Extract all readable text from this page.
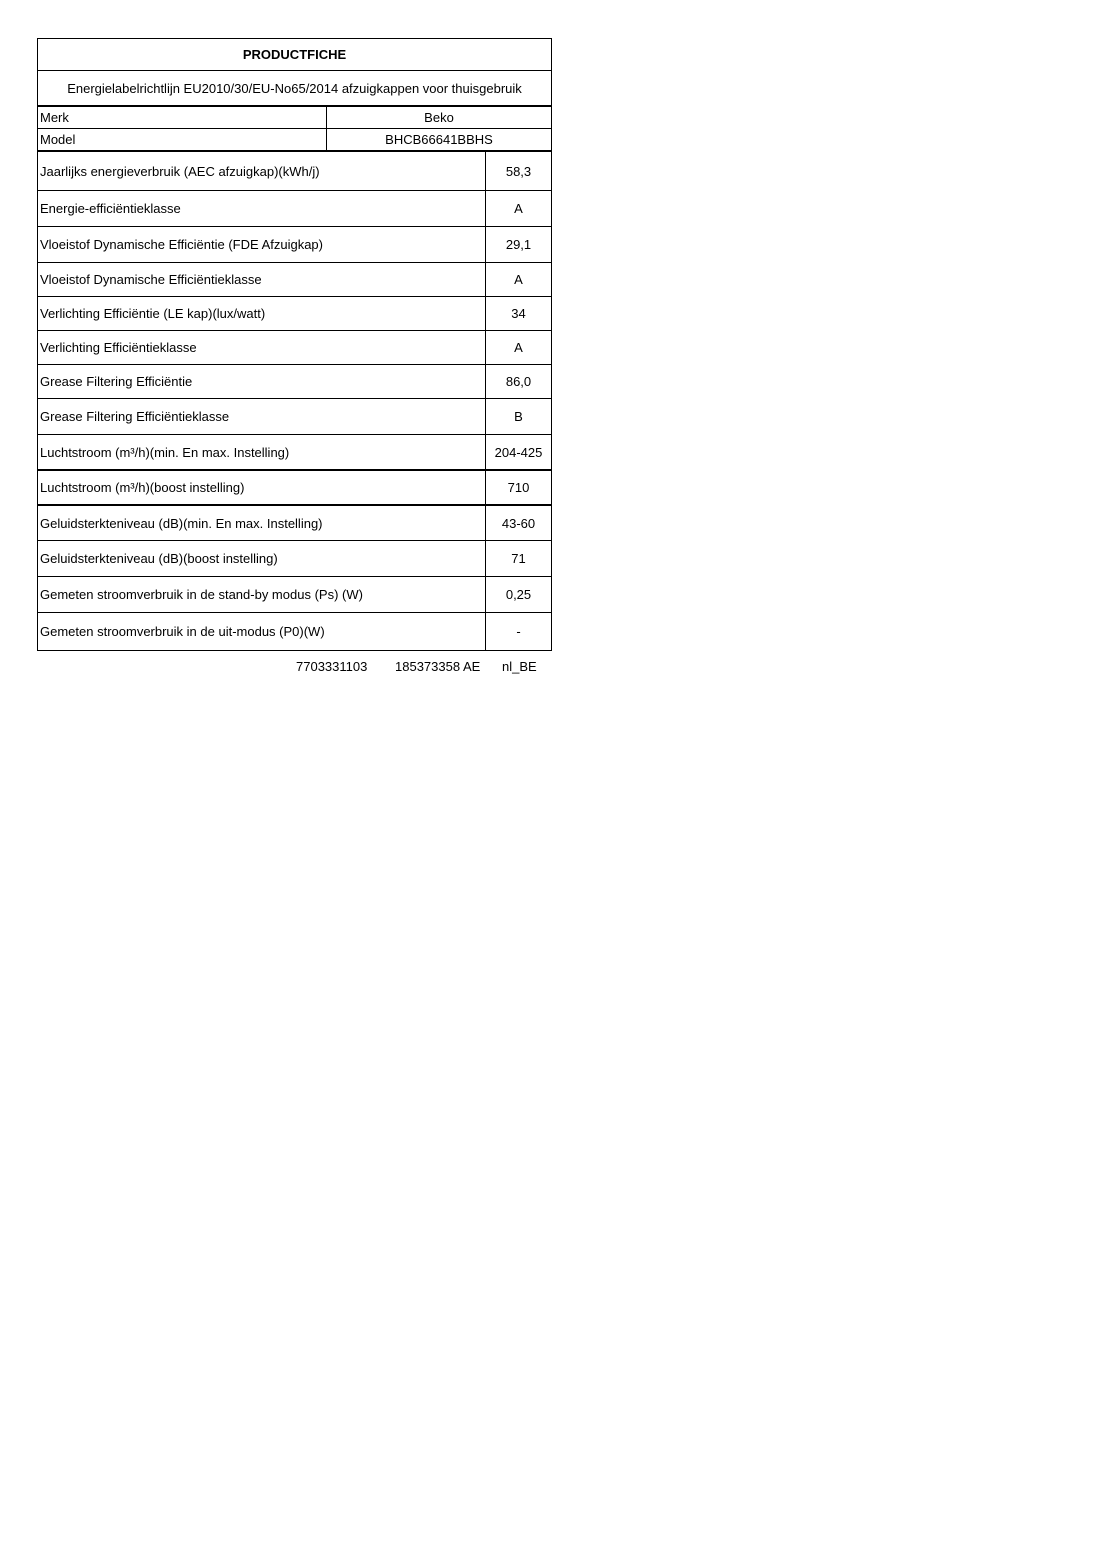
PRODUCTFICHE
Energielabelrichtlijn EU2010/30/EU-No65/2014 afzuigkappen voor thuisgebruik
Merk	Beko
Model	BHCB66641BBHS
Jaarlijks energieverbruik (AEC afzuigkap)(kWh/j)	58,3
Energie-efficiëntieklasse	A
Vloeistof Dynamische Efficiëntie (FDE Afzuigkap)	29,1
Vloeistof Dynamische Efficiëntieklasse	A
Verlichting Efficiëntie (LE kap)(lux/watt)	34
Verlichting Efficiëntieklasse	A
Grease Filtering Efficiëntie	86,0
Grease Filtering Efficiëntieklasse	B
Luchtstroom (m³/h)(min. En max. Instelling)	204-425
Luchtstroom (m³/h)(boost instelling)	710
Geluidsterkteniveau (dB)(min. En max. Instelling)	43-60
Geluidsterkteniveau (dB)(boost instelling)	71
Gemeten stroomverbruik in de stand-by modus (Ps) (W)	0,25
Gemeten stroomverbruik in de uit-modus (P0)(W)	-
7703331103 185373358 AE nl_BE
